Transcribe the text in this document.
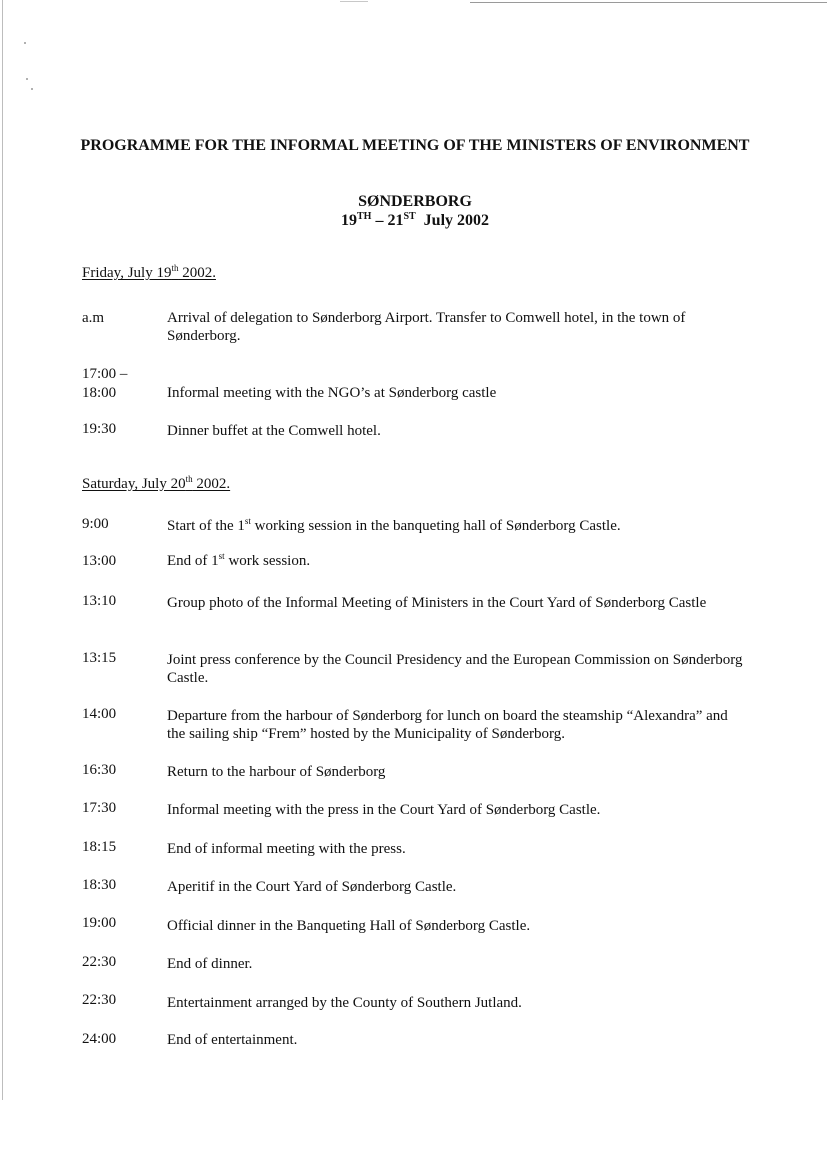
PROGRAMME FOR THE INFORMAL MEETING OF THE MINISTERS OF ENVIRONMENT
SØNDERBORG
19TH – 21ST  July 2002
Friday, July 19th 2002.
a.m	Arrival of delegation to Sønderborg Airport. Transfer to Comwell hotel, in the town of Sønderborg.
17:00 –
18:00	Informal meeting with the NGO’s at Sønderborg castle
19:30	Dinner buffet at the Comwell hotel.
Saturday, July 20th 2002.
9:00	Start of the 1st working session in the banqueting hall of Sønderborg Castle.
13:00	End of 1st work session.
13:10	Group photo of the Informal Meeting of Ministers in the Court Yard of Sønderborg Castle
13:15	Joint press conference by the Council Presidency and the European Commission on Sønderborg Castle.
14:00	Departure from the harbour of Sønderborg for lunch on board the steamship “Alexandra” and the sailing ship “Frem” hosted by the Municipality of Sønderborg.
16:30	Return to the harbour of Sønderborg
17:30	Informal meeting with the press in the Court Yard of Sønderborg Castle.
18:15	End of informal meeting with the press.
18:30	Aperitif in the Court Yard of Sønderborg Castle.
19:00	Official dinner in the Banqueting Hall of Sønderborg Castle.
22:30	End of dinner.
22:30	Entertainment arranged by the County of Southern Jutland.
24:00	End of entertainment.
